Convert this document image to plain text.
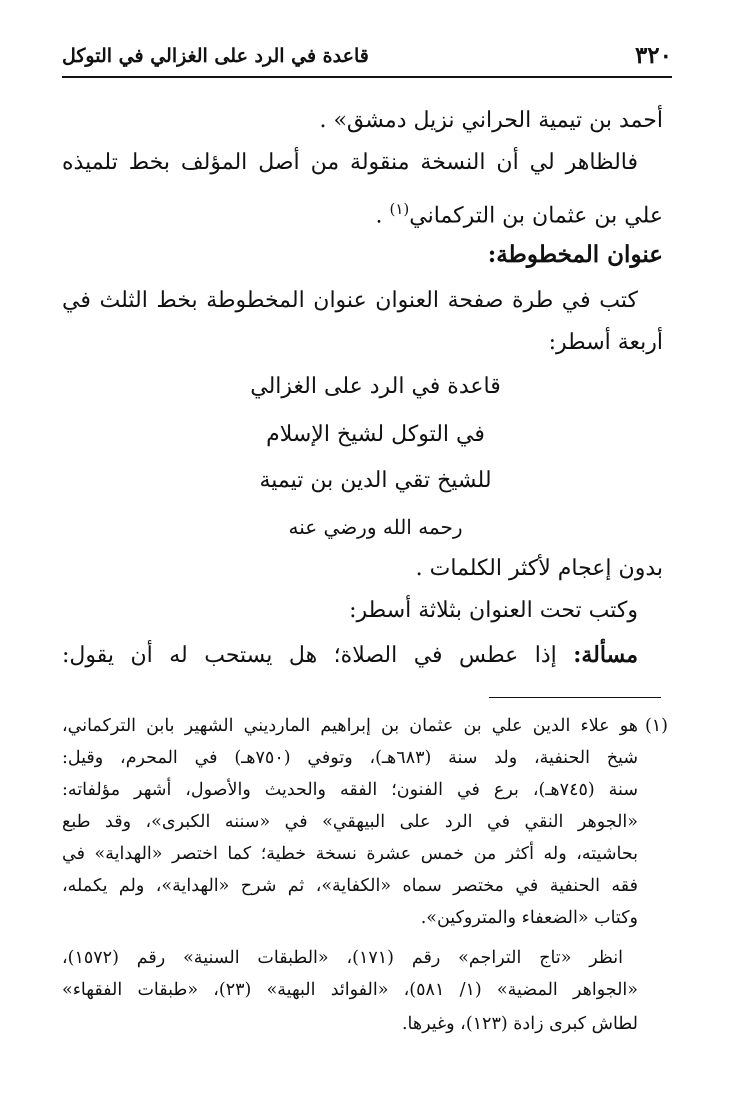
٣٢٠
قاعدة في الرد على الغزالي في التوكل
أحمد بن تيمية الحراني نزيل دمشق» .
فالظاهر لي أن النسخة منقولة من أصل المؤلف بخط تلميذه
علي بن عثمان بن التركماني$^{(١)}$ .
عنوان المخطوطة:
كتب في طرة صفحة العنوان عنوان المخطوطة بخط الثلث في
أربعة أسطر:
قاعدة في الرد على الغزالي
في التوكل لشيخ الإسلام
للشيخ تقي الدين بن تيمية
رحمه الله ورضي عنه
بدون إعجام لأكثر الكلمات .
وكتب تحت العنوان بثلاثة أسطر:
مسألة: إذا عطس في الصلاة؛ هل يستحب له أن يقول:
(١)
هو علاء الدين علي بن عثمان بن إبراهيم المارديني الشهير بابن التركماني،
شيخ الحنفية، ولد سنة (٦٨٣هـ)، وتوفي (٧٥٠هـ) في المحرم، وقيل:
سنة (٧٤٥هـ)، برع في الفنون؛ الفقه والحديث والأصول، أشهر مؤلفاته:
«الجوهر النقي في الرد على البيهقي» في «سننه الكبرى»، وقد طبع
بحاشيته، وله أكثر من خمس عشرة نسخة خطية؛ كما اختصر «الهداية» في
فقه الحنفية في مختصر سماه «الكفاية»، ثم شرح «الهداية»، ولم يكمله،
وكتاب «الضعفاء والمتروكين».
انظر «تاج التراجم» رقم (١٧١)، «الطبقات السنية» رقم (١٥٧٢)،
«الجواهر المضية» (١/ ٥٨١)، «الفوائد البهية» (٢٣)، «طبقات الفقهاء»
لطاش كبرى زادة (١٢٣)، وغيرها.
